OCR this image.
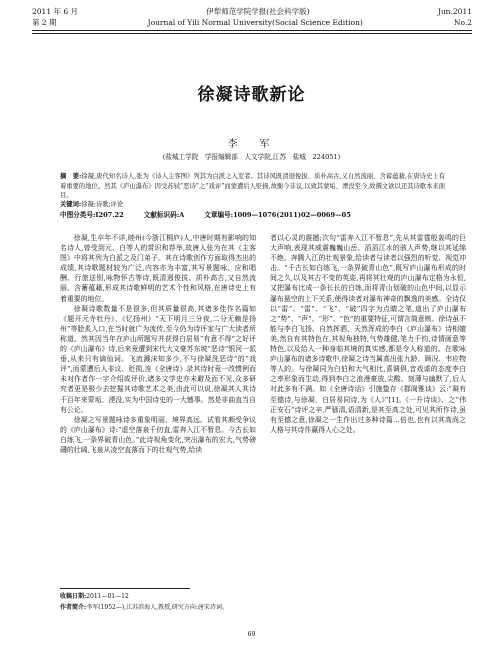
2011 年 6 月	伊犁师范学院学报(社会科学版)	Jun.2011
第 2 期	Journal of Yili Normal University(Social Science Edition)	No.2
徐凝诗歌新论
李　军
(盐城工学院　学报编辑部　人文学院,江苏　盐城　224051)
摘　要:徐凝,唐代知名诗人,张为《诗人主客图》列其为白派之入室者。其诗风既清迥俊拔、质朴高古,又自然流丽、含蓄蕴藉,在唐诗史上有着重要的地位。然其《庐山瀑布》因受苏轼“恶诗”之“戏评”而蒙遭后人贬损,故衡今非议,以致其蒙垢、湮没至今,故撰文欲以还其诗歌本来面目。
关键词:徐凝;诗歌;评论
中图分类号:I207.22	文献标识码:A	文章编号:1009—1076(2011)02—0069—05

徐凝,生卒年不详,睦州(今浙江桐庐)人,中唐时期有影响的知名诗人,曾受到元、白等人的赏识和荐举,故唐人张为在其《主客图》中将其列为白派之及门弟子。其在诗歌创作方面取得杰出的成绩,其诗歌题材较为广泛,内容亦为丰富,其写景题咏、应和唱酬、行旅送别,咏物怀古等诗,既清迥俊拔、质朴高古,又自然流丽、含蓄蕴藉,形成其诗歌鲜明的艺术个性和风格,在唐诗史上有着重要的地位。

徐凝诗歌数量不是很多,但其质量很高,其诸多佳作名篇如《题开元寺牡丹》、《忆扬州》“天下明月三分夜,二分无赖是扬州”等脍炙人口,在当时就广为流传,至今仍为诗评家与广大读者所称道。然其因当年在庐山所题写并获得白居易“有意不得”之好评的《庐山瀑布》诗,后来竟遭到宋代大文豪苏东坡“恶诗”银河一派垂,从来只有谪仙词。飞流溅沫知多少,不与徐凝洗恶诗”的“戏评”,而蒙遭后人非议、贬损,连《全唐诗》录其诗时竟一改惯例而未对作者作一字介绍或评价,诸多文学史亦未避及而不见,众多研究者更是极少去挖掘其诗歌艺术之美,由此可以说,徐凝其人其诗千百年来蒙垢、湮没,实为中国诗史的一大憾事。然是非曲直当自有公论。

徐凝之写景题咏诗多重象明丽、境界高远。试看其颇受争议的《庐山瀑布》诗:“虚空落泉千仞直,雷奔入江不暂息。今古长如白练飞,一条界破青山色。”此诗视角变化,突出瀑布的宏大,气势磅礴的壮阔,飞泉从凌空直落而下的壮观气势,给读

者以心灵的震撼;次句“雷奔入江不暂息”,先从其雷霆般轰鸣的巨大声响,表现其威震巍巍山岳、滔滔江水的骇人声势,继以其延绵不绝、奔腾入江的壮观景象,给读者与读者以强烈的听觉、视觉冲击。“千古长如白练飞,一条界破青山色”,既写庐山瀑布形成的时间之久,以及其古不变的英姿,再将其壮观的庐山瀑布定格为永恒,又把瀑布比成一条长长的白练,而将青山划破的山色中间,以显示瀑布悬空的上下关系,使得读者对瀑布神奇的飘逸的美感。全诗仅以“雷”、“雷”、“飞”、“破”四字为点睛之笔,道出了庐山瀑布之“势”、“声”、“形”、“色”的重要特征,可谓言简意赅。徐诗虽不能与李白飞扬、自然挥洒、天然浑成的李白《庐山瀑布》诗相媲美,然自有其特色在,其视角独特,气势雄健,笔力千钧,诗情画意等特色,以及给人一种身临其境的真实感,都是令人称道的。在歌咏庐山瀑布的诸多诗歌中,徐凝之诗当属高出张九龄、顾况、韦应物等人的。与徐凝同为白伯和大气相比,喜调俱,音戏谑的态度李白之率形象而生动,得到李白之浪漫豪放,尖酸、刻薄与幽默了,后人对此多有不满。如《全唐诗话》引施蛰存《郡阁雅谈》云:“凝有至德诗,与徐凝、白居易同诗,为《人》”[1]。《一升诗谈》、之“伟正安石”诗评之辛,严骚清,语清新,是其至高之处,可见其所作诗,虽有至德之意,徐凝之一生作出过多种诗篇…倍也,也有以其高尚之人格与其诗作赢得人心之处。

收稿日期:2011—01—12
作者简介:李军(1952—),江苏滨海人,教授,研究方向:唐宋诗词。
69
